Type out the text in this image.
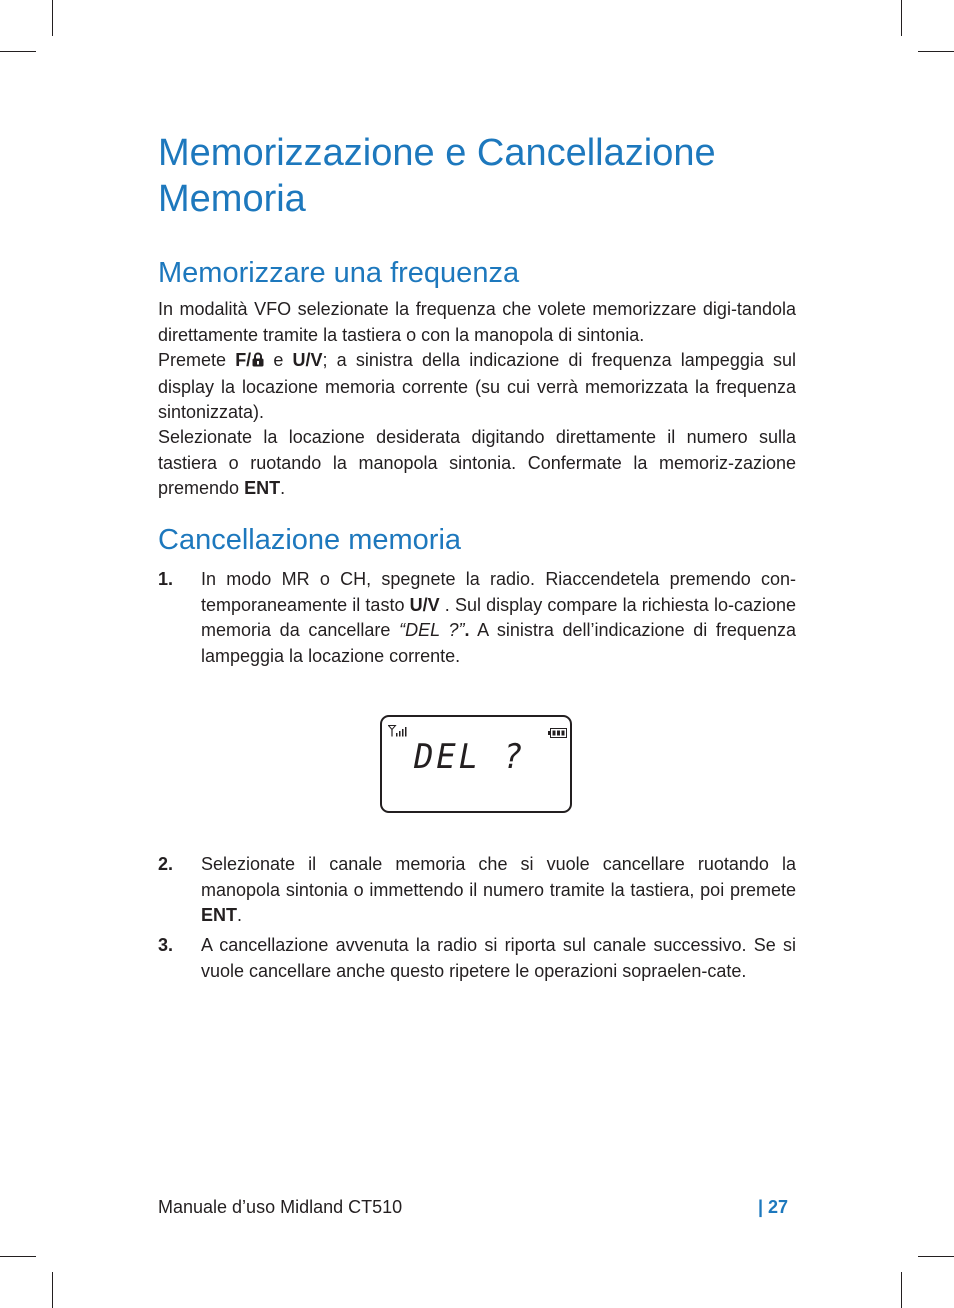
Memorizzazione e Cancellazione
Memoria
Memorizzare una frequenza

In modalità VFO selezionate la frequenza che volete memorizzare digi-tandola direttamente tramite la tastiera o con la manopola di sintonia.

Premete F/ e U/V; a sinistra della indicazione di frequenza lampeggia sul display la locazione memoria corrente (su cui verrà memorizzata la frequenza sintonizzata).

Selezionate la locazione desiderata digitando direttamente il numero sulla tastiera o ruotando la manopola sintonia. Confermate la memoriz-zazione premendo ENT.

Cancellazione memoria
1. In modo MR o CH, spegnete la radio. Riaccendetela premendo con-temporaneamente il tasto U/V . Sul display compare la richiesta lo-cazione memoria da cancellare “DEL ?”. A sinistra dell’indicazione di frequenza lampeggia la locazione corrente.

DEL ?
2. Selezionate il canale memoria che si vuole cancellare ruotando la manopola sintonia o immettendo il numero tramite la tastiera, poi premete ENT.

3. A cancellazione avvenuta la radio si riporta sul canale successivo. Se si vuole cancellare anche questo ripetere le operazioni sopraelen-cate.

Manuale d’uso Midland CT510	| 27
